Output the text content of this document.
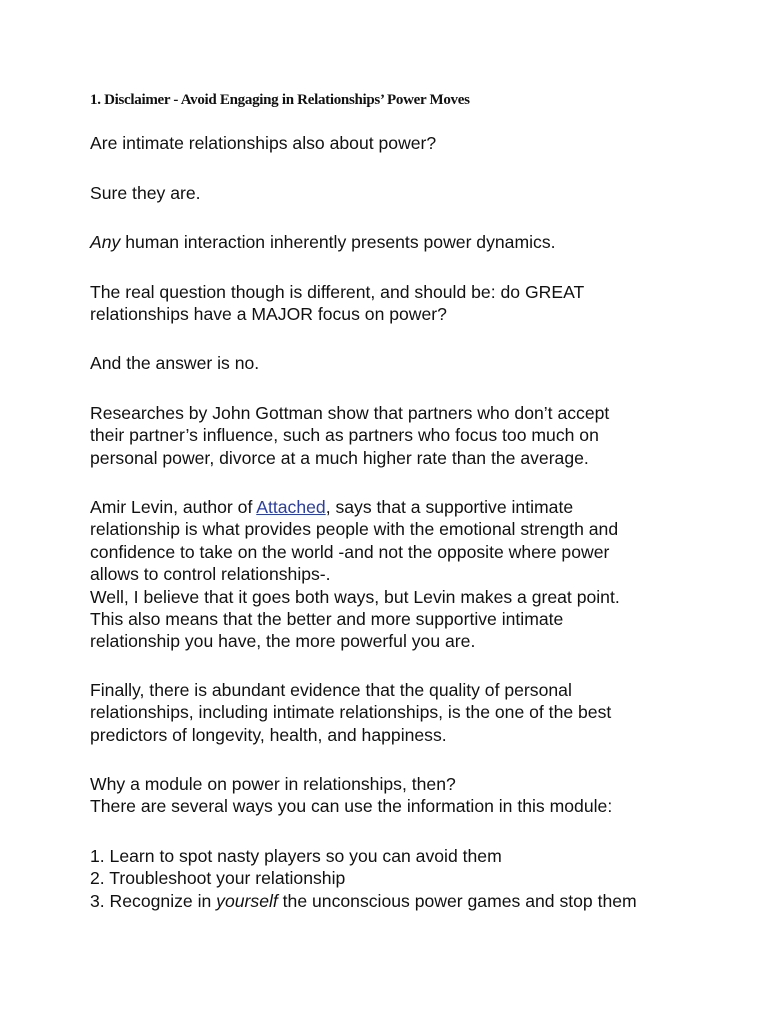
1. Disclaimer - Avoid Engaging in Relationships’ Power Moves
Are intimate relationships also about power?
Sure they are.
Any human interaction inherently presents power dynamics.
The real question though is different, and should be: do GREAT
relationships have a MAJOR focus on power?
And the answer is no.
Researches by John Gottman show that partners who don’t accept
their partner’s influence, such as partners who focus too much on
personal power, divorce at a much higher rate than the average.
Amir Levin, author of Attached, says that a supportive intimate
relationship is what provides people with the emotional strength and
confidence to take on the world -and not the opposite where power
allows to control relationships-.
Well, I believe that it goes both ways, but Levin makes a great point.
This also means that the better and more supportive intimate
relationship you have, the more powerful you are.
Finally, there is abundant evidence that the quality of personal
relationships, including intimate relationships, is the one of the best
predictors of longevity, health, and happiness.
Why a module on power in relationships, then?
There are several ways you can use the information in this module:
1. Learn to spot nasty players so you can avoid them
2. Troubleshoot your relationship
3. Recognize in yourself the unconscious power games and stop them
